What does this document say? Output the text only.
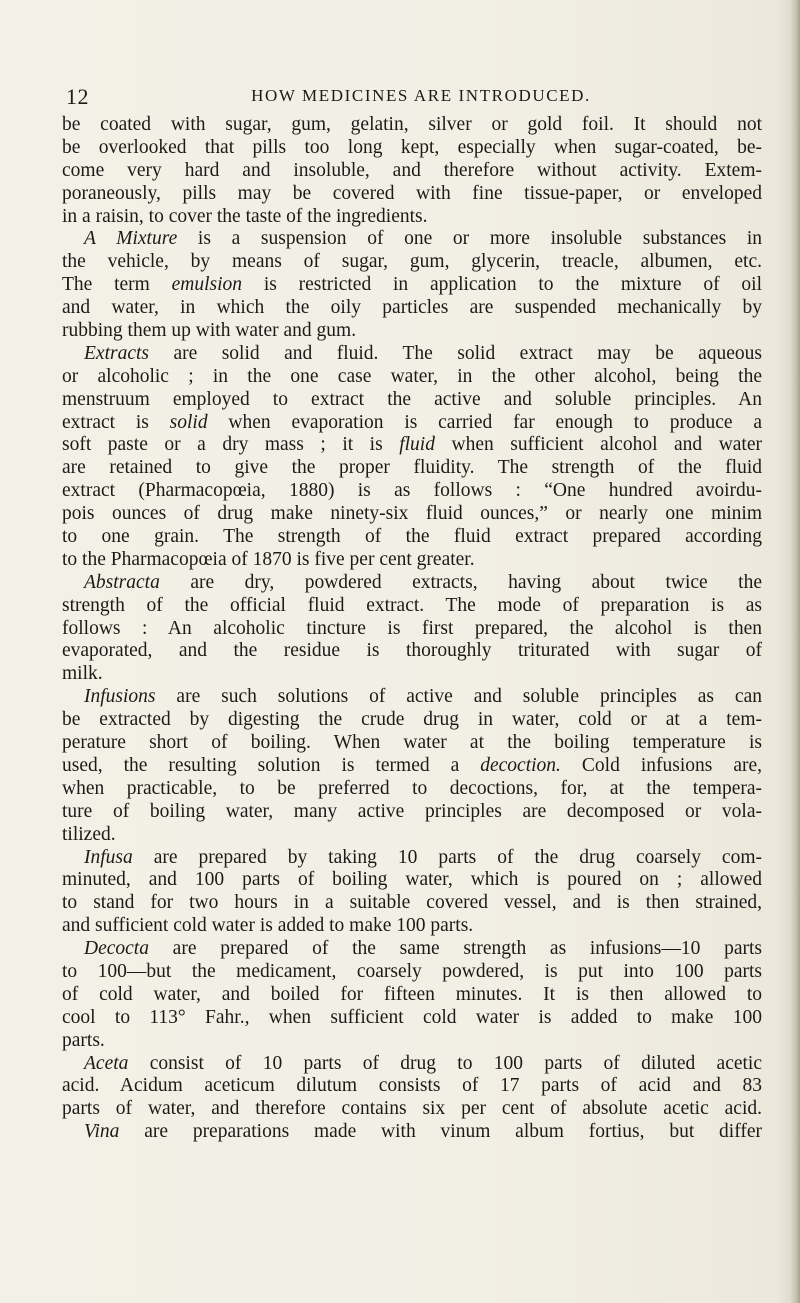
12	HOW MEDICINES ARE INTRODUCED.
be coated with sugar, gum, gelatin, silver or gold foil. It should not
be overlooked that pills too long kept, especially when sugar-coated, be-
come very hard and insoluble, and therefore without activity. Extem-
poraneously, pills may be covered with fine tissue-paper, or enveloped
in a raisin, to cover the taste of the ingredients.
A Mixture is a suspension of one or more insoluble substances in
the vehicle, by means of sugar, gum, glycerin, treacle, albumen, etc.
The term emulsion is restricted in application to the mixture of oil
and water, in which the oily particles are suspended mechanically by
rubbing them up with water and gum.
Extracts are solid and fluid. The solid extract may be aqueous
or alcoholic ; in the one case water, in the other alcohol, being the
menstruum employed to extract the active and soluble principles. An
extract is solid when evaporation is carried far enough to produce a
soft paste or a dry mass ; it is fluid when sufficient alcohol and water
are retained to give the proper fluidity. The strength of the fluid
extract (Pharmacopœia, 1880) is as follows : “One hundred avoirdu-
pois ounces of drug make ninety-six fluid ounces,” or nearly one minim
to one grain. The strength of the fluid extract prepared according
to the Pharmacopœia of 1870 is five per cent greater.
Abstracta are dry, powdered extracts, having about twice the
strength of the official fluid extract. The mode of preparation is as
follows : An alcoholic tincture is first prepared, the alcohol is then
evaporated, and the residue is thoroughly triturated with sugar of
milk.
Infusions are such solutions of active and soluble principles as can
be extracted by digesting the crude drug in water, cold or at a tem-
perature short of boiling. When water at the boiling temperature is
used, the resulting solution is termed a decoction. Cold infusions are,
when practicable, to be preferred to decoctions, for, at the tempera-
ture of boiling water, many active principles are decomposed or vola-
tilized.
Infusa are prepared by taking 10 parts of the drug coarsely com-
minuted, and 100 parts of boiling water, which is poured on ; allowed
to stand for two hours in a suitable covered vessel, and is then strained,
and sufficient cold water is added to make 100 parts.
Decocta are prepared of the same strength as infusions—10 parts
to 100—but the medicament, coarsely powdered, is put into 100 parts
of cold water, and boiled for fifteen minutes. It is then allowed to
cool to 113° Fahr., when sufficient cold water is added to make 100
parts.
Aceta consist of 10 parts of drug to 100 parts of diluted acetic
acid. Acidum aceticum dilutum consists of 17 parts of acid and 83
parts of water, and therefore contains six per cent of absolute acetic acid.
Vina are preparations made with vinum album fortius, but differ
